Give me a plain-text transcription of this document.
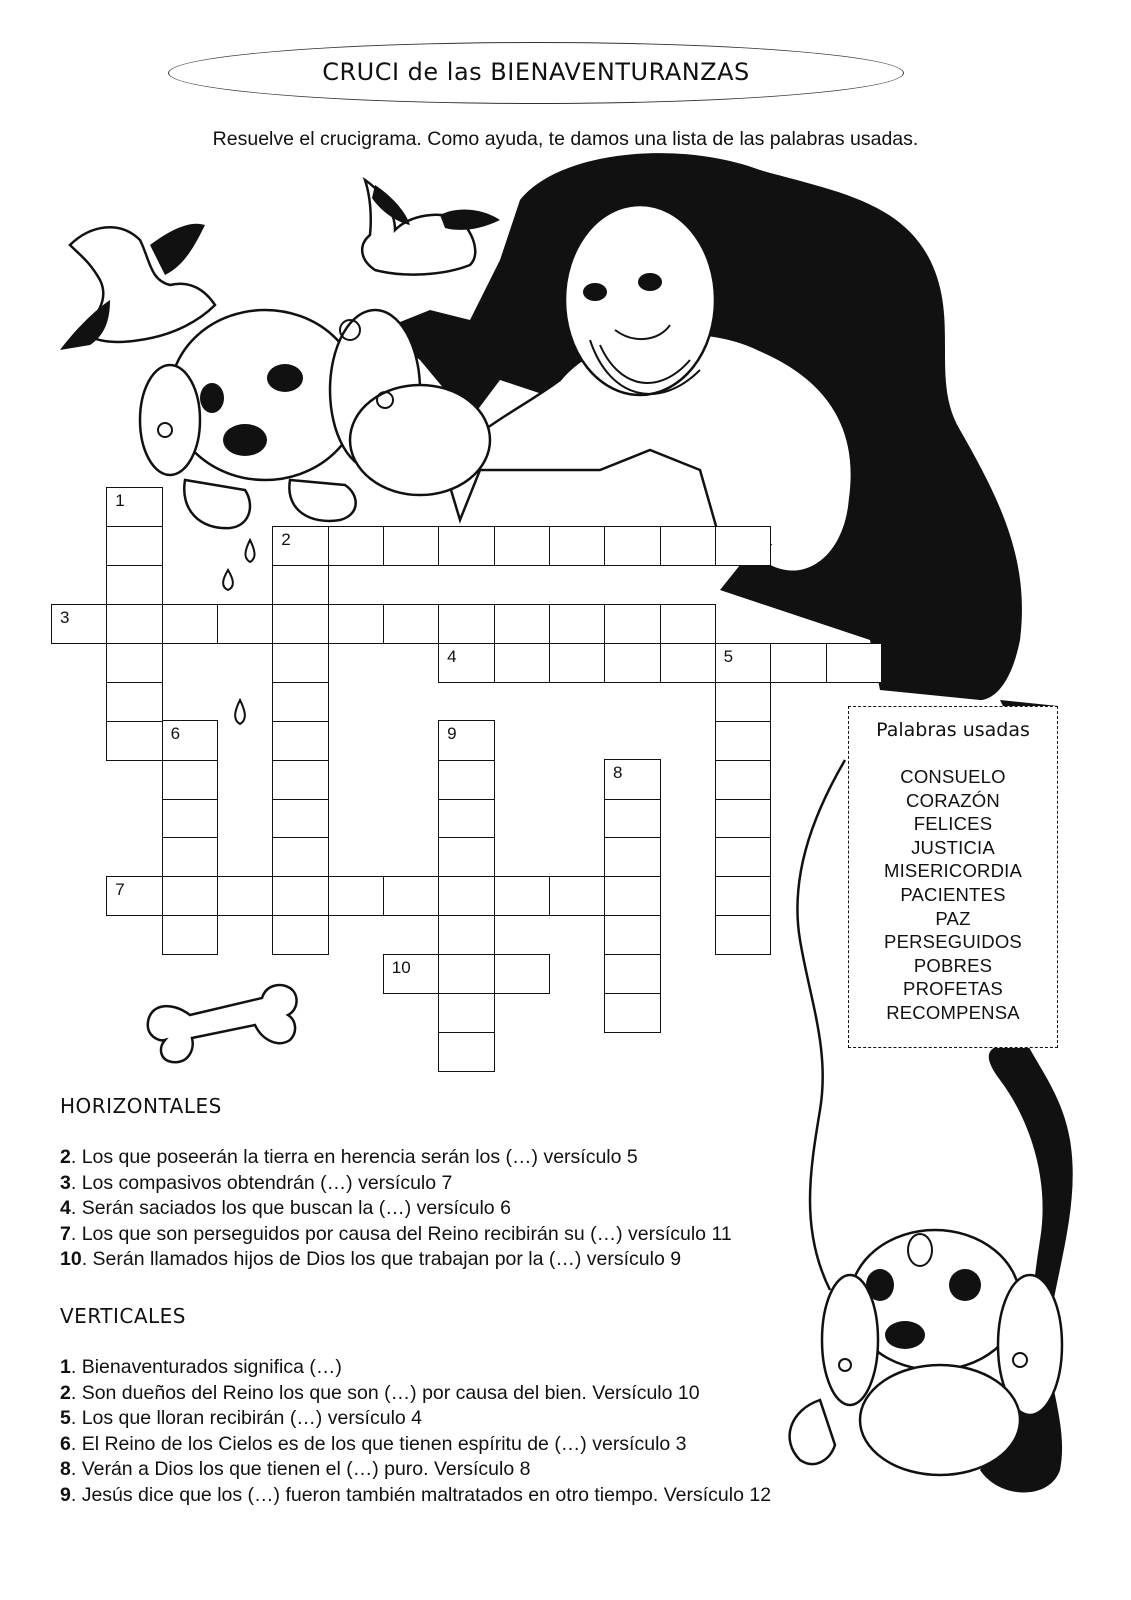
CRUCI de las BIENAVENTURANZAS
Resuelve el crucigrama. Como ayuda, te damos una lista de las palabras usadas.
1
2
3
4	5
6	9
8
7
10
Palabras usadas
CONSUELO
CORAZÓN
FELICES
JUSTICIA
MISERICORDIA
PACIENTES
PAZ
PERSEGUIDOS
POBRES
PROFETAS
RECOMPENSA
HORIZONTALES
2. Los que poseerán la tierra en herencia serán los (…) versículo 5
3. Los compasivos obtendrán (…) versículo 7
4. Serán saciados los que buscan la (…) versículo 6
7. Los que son perseguidos por causa del Reino recibirán su (…) versículo 11
10. Serán llamados hijos de Dios los que trabajan por la (…) versículo 9
VERTICALES
1. Bienaventurados significa (…)
2. Son dueños del Reino los que son (…) por causa del bien. Versículo 10
5. Los que lloran recibirán (…) versículo 4
6. El Reino de los Cielos es de los que tienen espíritu de (…) versículo 3
8. Verán a Dios los que tienen el (…) puro. Versículo 8
9. Jesús dice que los (…) fueron también maltratados en otro tiempo. Versículo 12
